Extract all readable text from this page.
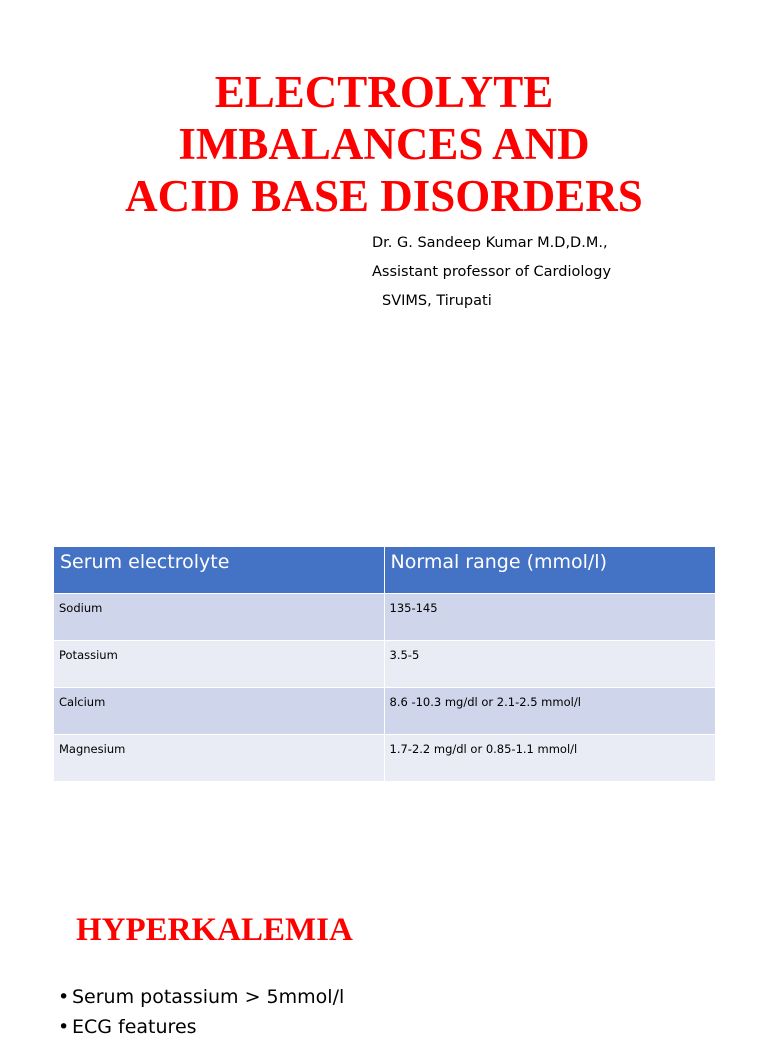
ELECTROLYTE
IMBALANCES AND
ACID BASE DISORDERS
Dr. G. Sandeep Kumar M.D,D.M.,
Assistant professor of Cardiology
SVIMS, Tirupati
Serum electrolyte	Normal range (mmol/l)
Sodium	135-145
Potassium	3.5-5
Calcium	8.6 -10.3 mg/dl or 2.1-2.5 mmol/l
Magnesium	1.7-2.2 mg/dl or 0.85-1.1 mmol/l
HYPERKALEMIA
• Serum potassium > 5mmol/l
• ECG features
